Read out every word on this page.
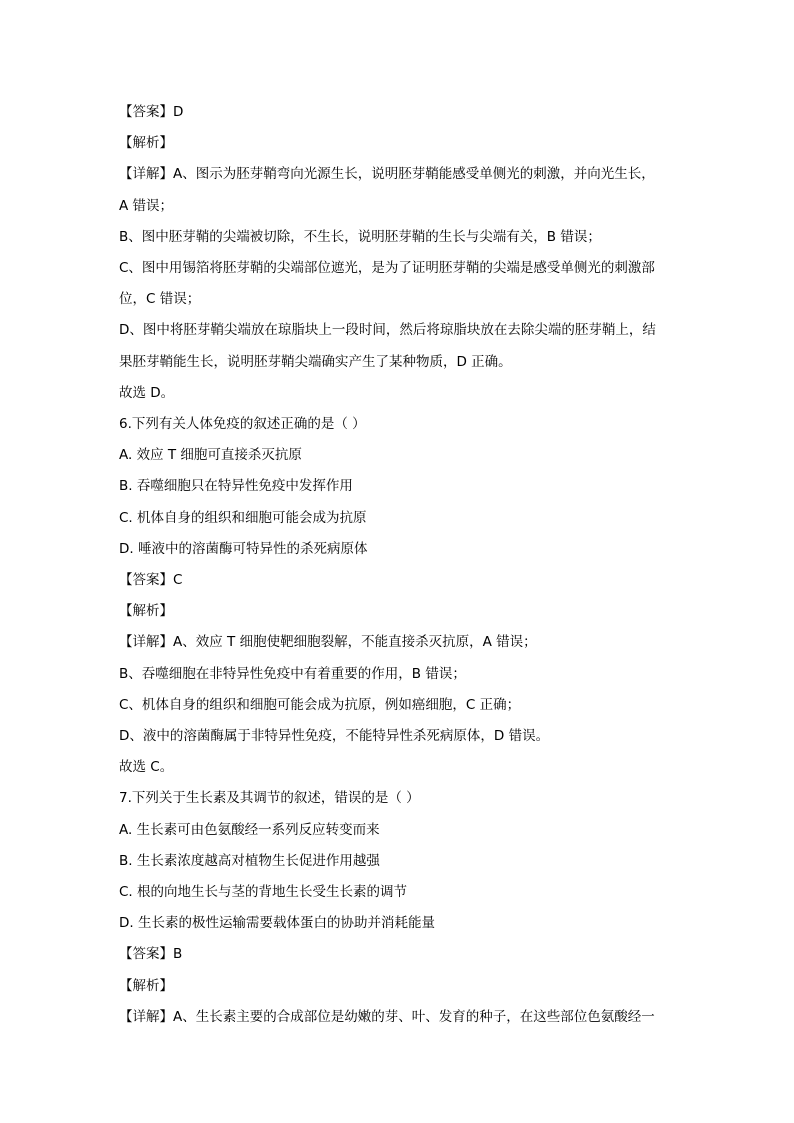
【答案】D
【解析】
【详解】A、图示为胚芽鞘弯向光源生长，说明胚芽鞘能感受单侧光的刺激，并向光生长，
A 错误；
B、图中胚芽鞘的尖端被切除，不生长，说明胚芽鞘的生长与尖端有关，B 错误；
C、图中用锡箔将胚芽鞘的尖端部位遮光，是为了证明胚芽鞘的尖端是感受单侧光的刺激部
位，C 错误；
D、图中将胚芽鞘尖端放在琼脂块上一段时间，然后将琼脂块放在去除尖端的胚芽鞘上，结
果胚芽鞘能生长，说明胚芽鞘尖端确实产生了某种物质，D 正确。
故选 D。
6.下列有关人体免疫的叙述正确的是（ ）
A. 效应 T 细胞可直接杀灭抗原
B. 吞噬细胞只在特异性免疫中发挥作用
C. 机体自身的组织和细胞可能会成为抗原
D. 唾液中的溶菌酶可特异性的杀死病原体
【答案】C
【解析】
【详解】A、效应 T 细胞使靶细胞裂解，不能直接杀灭抗原，A 错误；
B、吞噬细胞在非特异性免疫中有着重要的作用，B 错误；
C、机体自身的组织和细胞可能会成为抗原，例如癌细胞，C 正确；
D、液中的溶菌酶属于非特异性免疫，不能特异性杀死病原体，D 错误。
故选 C。
7.下列关于生长素及其调节的叙述，错误的是（ ）
A. 生长素可由色氨酸经一系列反应转变而来
B. 生长素浓度越高对植物生长促进作用越强
C. 根的向地生长与茎的背地生长受生长素的调节
D. 生长素的极性运输需要载体蛋白的协助并消耗能量
【答案】B
【解析】
【详解】A、生长素主要的合成部位是幼嫩的芽、叶、发育的种子，在这些部位色氨酸经一
